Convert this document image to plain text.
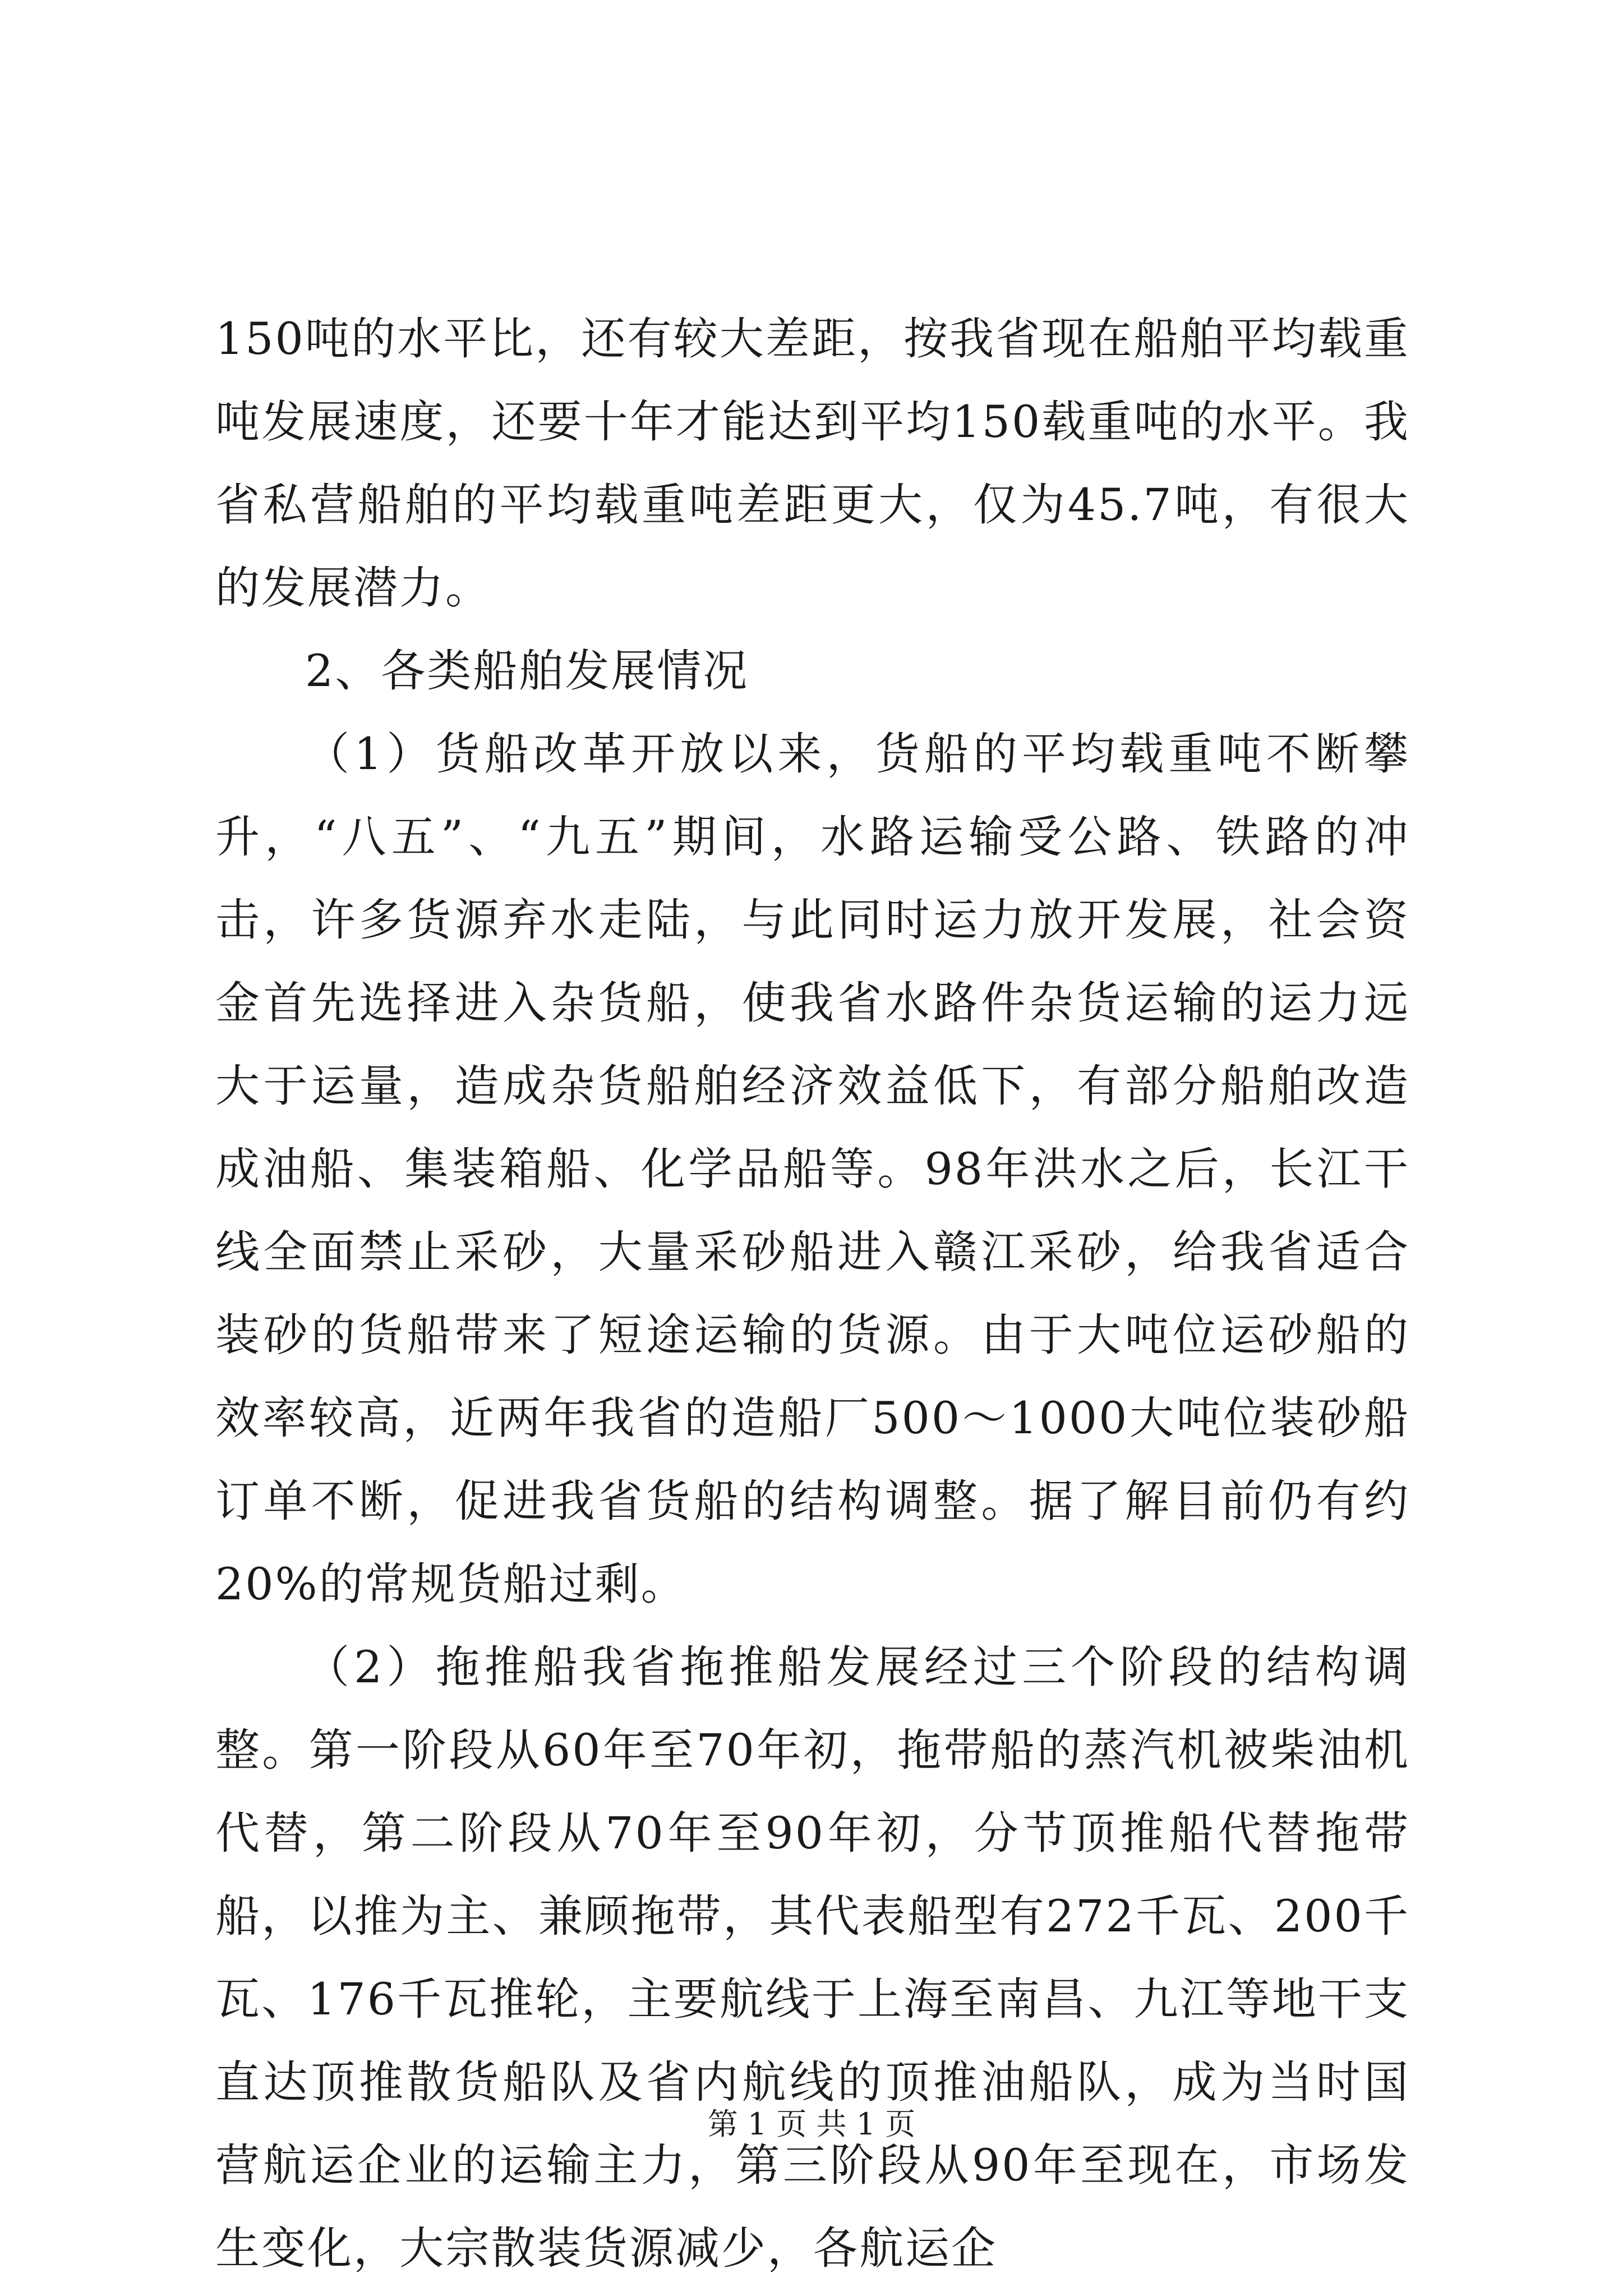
150吨的水平比，还有较大差距，按我省现在船舶平均载重吨发展速度，还要十年才能达到平均150载重吨的水平。我省私营船舶的平均载重吨差距更大，仅为45.7吨，有很大的发展潜力。

2、各类船舶发展情况

（1）货船改革开放以来，货船的平均载重吨不断攀升，“八五”、“九五”期间，水路运输受公路、铁路的冲击，许多货源弃水走陆，与此同时运力放开发展，社会资金首先选择进入杂货船，使我省水路件杂货运输的运力远大于运量，造成杂货船舶经济效益低下，有部分船舶改造成油船、集装箱船、化学品船等。98年洪水之后，长江干线全面禁止采砂，大量采砂船进入赣江采砂，给我省适合装砂的货船带来了短途运输的货源。由于大吨位运砂船的效率较高，近两年我省的造船厂500～1000大吨位装砂船订单不断，促进我省货船的结构调整。据了解目前仍有约20%的常规货船过剩。

（2）拖推船我省拖推船发展经过三个阶段的结构调整。第一阶段从60年至70年初，拖带船的蒸汽机被柴油机代替，第二阶段从70年至90年初，分节顶推船代替拖带船，以推为主、兼顾拖带，其代表船型有272千瓦、200千瓦、176千瓦推轮，主要航线于上海至南昌、九江等地干支直达顶推散货船队及省内航线的顶推油船队，成为当时国营航运企业的运输主力，第三阶段从90年至现在，市场发生变化，大宗散装货源减少，各航运企

第 1 页 共 1 页
